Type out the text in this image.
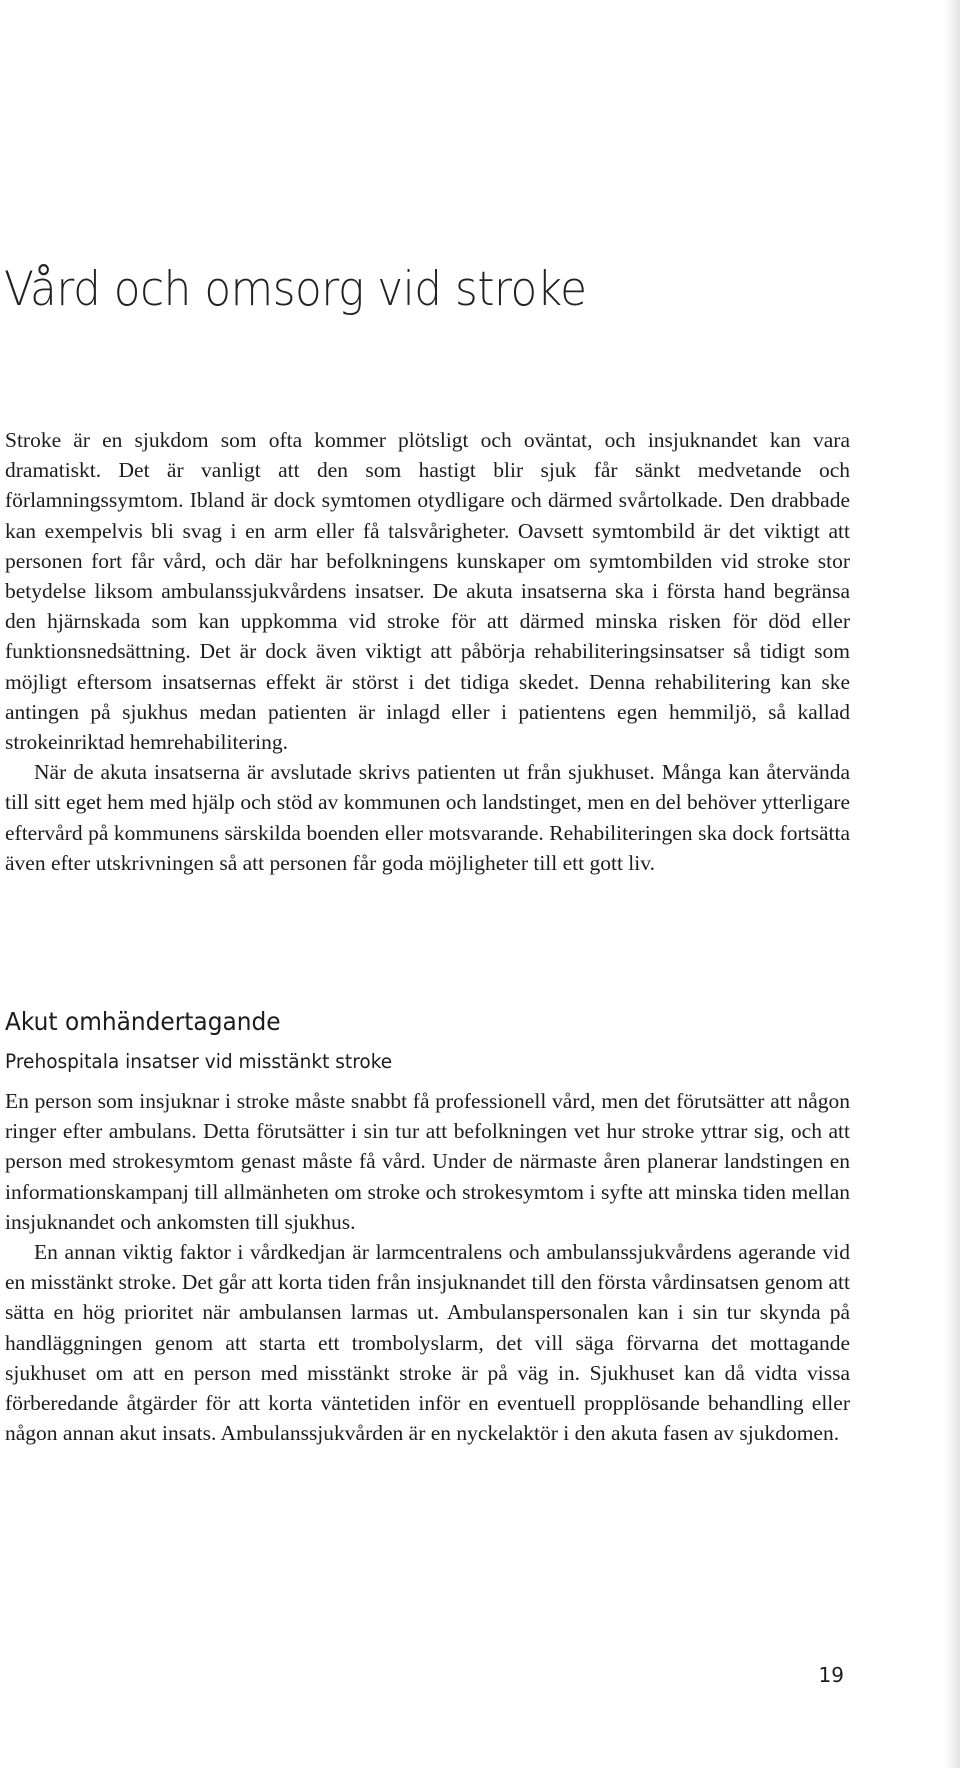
Vård och omsorg vid stroke

Stroke är en sjukdom som ofta kommer plötsligt och oväntat, och insjuknandet kan vara dramatiskt. Det är vanligt att den som hastigt blir sjuk får sänkt medvetande och förlamningssymtom. Ibland är dock symtomen otydligare och därmed svårtolkade. Den drabbade kan exempelvis bli svag i en arm eller få talsvårigheter. Oavsett symtombild är det viktigt att personen fort får vård, och där har befolkningens kunskaper om symtombilden vid stroke stor betydelse liksom ambulanssjukvårdens insatser. De akuta insatserna ska i första hand begränsa den hjärnskada som kan uppkomma vid stroke för att därmed minska risken för död eller funktionsnedsättning. Det är dock även viktigt att påbörja rehabiliteringsinsatser så tidigt som möjligt eftersom insatsernas effekt är störst i det tidiga skedet. Denna rehabilitering kan ske antingen på sjukhus medan patienten är inlagd eller i patientens egen hemmiljö, så kallad strokeinriktad hemrehabilitering.

När de akuta insatserna är avslutade skrivs patienten ut från sjukhuset. Många kan återvända till sitt eget hem med hjälp och stöd av kommunen och landstinget, men en del behöver ytterligare eftervård på kommunens särskilda boenden eller motsvarande. Rehabiliteringen ska dock fortsätta även efter utskrivningen så att personen får goda möjligheter till ett gott liv.

Akut omhändertagande
Prehospitala insatser vid misstänkt stroke

En person som insjuknar i stroke måste snabbt få professionell vård, men det förutsätter att någon ringer efter ambulans. Detta förutsätter i sin tur att befolkningen vet hur stroke yttrar sig, och att person med strokesymtom genast måste få vård. Under de närmaste åren planerar landstingen en informationskampanj till allmänheten om stroke och strokesymtom i syfte att minska tiden mellan insjuknandet och ankomsten till sjukhus.

En annan viktig faktor i vårdkedjan är larmcentralens och ambulanssjukvårdens agerande vid en misstänkt stroke. Det går att korta tiden från insjuknandet till den första vårdinsatsen genom att sätta en hög prioritet när ambulansen larmas ut. Ambulanspersonalen kan i sin tur skynda på handläggningen genom att starta ett trombolyslarm, det vill säga förvarna det mottagande sjukhuset om att en person med misstänkt stroke är på väg in. Sjukhuset kan då vidta vissa förberedande åtgärder för att korta väntetiden inför en eventuell propplösande behandling eller någon annan akut insats. Ambulanssjukvården är en nyckelaktör i den akuta fasen av sjukdomen.

19
